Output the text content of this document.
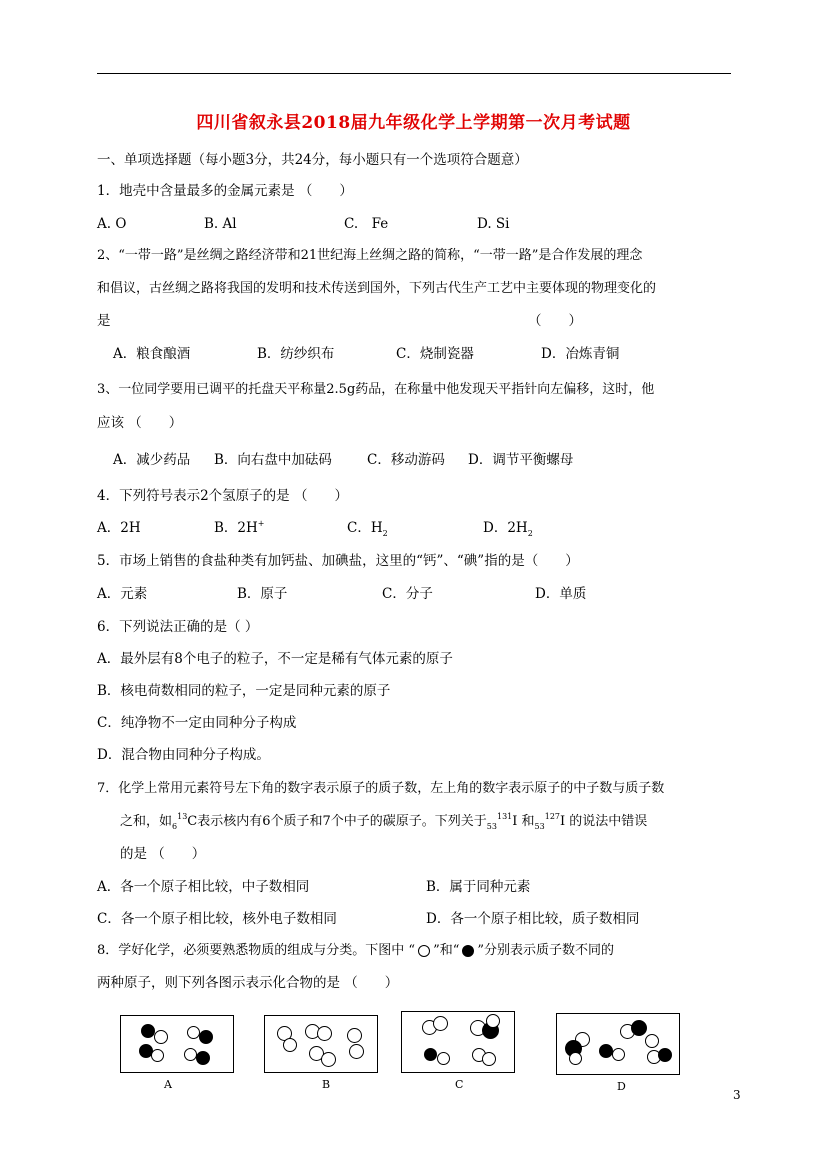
四川省叙永县2018届九年级化学上学期第一次月考试题
一、单项选择题（每小题3分，共24分，每小题只有一个选项符合题意）
1．地壳中含量最多的金属元素是 （　　）
A. O	B. Al	C.　Fe	D. Si
2、“一带一路”是丝绸之路经济带和21世纪海上丝绸之路的简称，“一带一路”是合作发展的理念
和倡议，古丝绸之路将我国的发明和技术传送到国外，下列古代生产工艺中主要体现的物理变化的
是	（　　）
A．粮食酿酒	B．纺纱织布	C．烧制瓷器	D．冶炼青铜
3、一位同学要用已调平的托盘天平称量2.5g药品，在称量中他发现天平指针向左偏移，这时，他
应该 （　　）
A．减少药品 B．向右盘中加砝码	C．移动游码 D．调节平衡螺母
4．下列符号表示2个氢原子的是 （　　）
A．2H	B．2H+	C．$H_2$	D．$2H_2$
5．市场上销售的食盐种类有加钙盐、加碘盐，这里的“钙”、“碘”指的是（　　）
A．元素	B．原子	C．分子	D．单质
6．下列说法正确的是（ ）
A．最外层有8个电子的粒子，不一定是稀有气体元素的原子
B．核电荷数相同的粒子，一定是同种元素的原子
C．纯净物不一定由同种分子构成
D．混合物由同种分子构成。
7．化学上常用元素符号左下角的数字表示原子的质子数，左上角的数字表示原子的中子数与质子数
之和，如$_6^{13}$C表示核内有6个质子和7个中子的碳原子。下列关于$_{53}^{131}$I 和$_{53}^{127}$I 的说法中错误
的是 （　　）
A．各一个原子相比较，中子数相同	B．属于同种元素
C．各一个原子相比较，核外电子数相同	D．各一个原子相比较，质子数相同
8．学好化学，必须要熟悉物质的组成与分类。下图中 “ ”和“ ”分别表示质子数不同的
两种原子，则下列各图示表示化合物的是 （　　）
A	B	C	D
3
